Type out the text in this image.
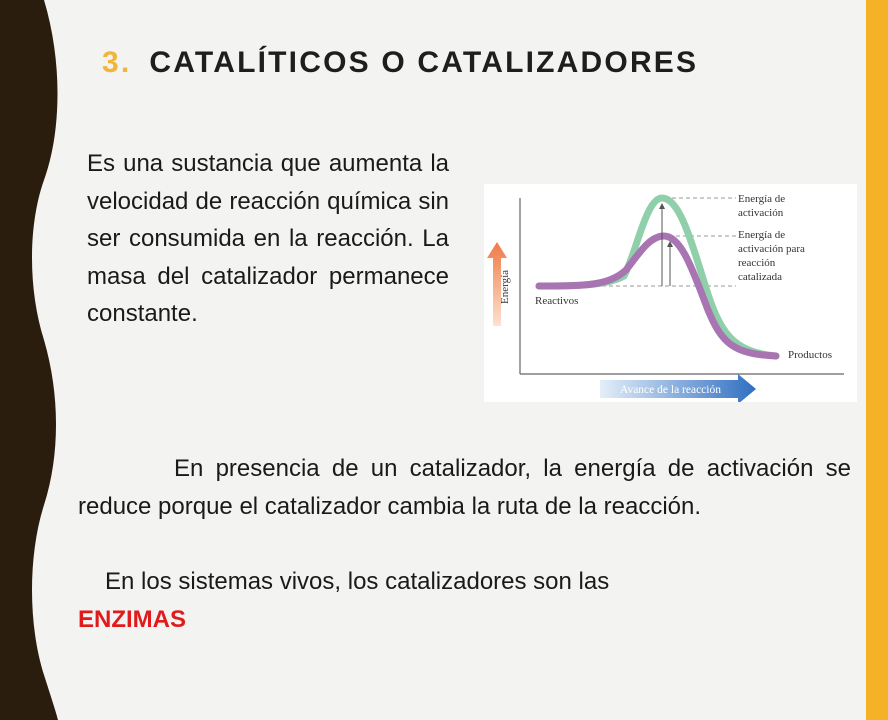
3. CATALÍTICOS O CATALIZADORES

Es una sustancia que aumenta la velocidad de reacción química sin ser consumida en la reacción. La masa del catalizador permanece constante.

Energía
Avance de la reacción
Reactivos
Productos
Energía de activación
Energía de activación para reacción catalizada

En presencia de un catalizador, la energía de activación se reduce porque el catalizador cambia la ruta de la reacción.

En los sistemas vivos, los catalizadores son las
ENZIMAS
